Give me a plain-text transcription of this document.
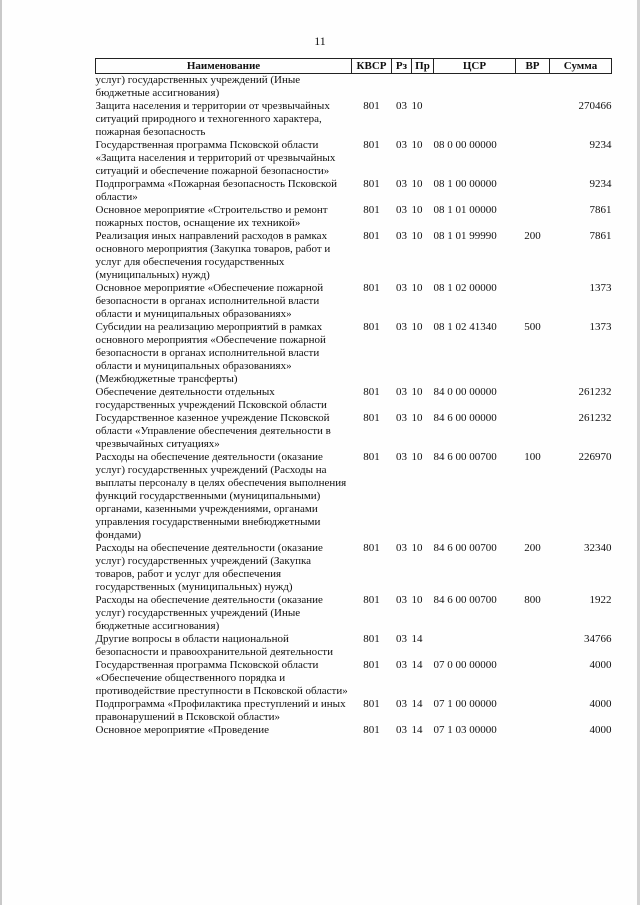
11
Наименование	КВСР	Рз	Пр	ЦСР	ВР	Сумма
услуг) государственных учреждений (Иные бюджетные ассигнования)						
Защита населения и территории от чрезвычайных ситуаций природного и техногенного характера, пожарная безопасность	801	03	10			270466
Государственная программа Псковской области «Защита населения и территорий от чрезвычайных ситуаций и обеспечение пожарной безопасности»	801	03	10	08 0 00 00000		9234
Подпрограмма «Пожарная безопасность Псковской области»	801	03	10	08 1 00 00000		9234
Основное мероприятие «Строительство и ремонт пожарных постов, оснащение их техникой»	801	03	10	08 1 01 00000		7861
Реализация иных направлений расходов в рамках основного мероприятия (Закупка товаров, работ и услуг для обеспечения государственных (муниципальных) нужд)	801	03	10	08 1 01 99990	200	7861
Основное мероприятие «Обеспечение пожарной безопасности в органах исполнительной власти области и муниципальных образованиях»	801	03	10	08 1 02 00000		1373
Субсидии на реализацию мероприятий в рамках основного мероприятия «Обеспечение пожарной безопасности в органах исполнительной власти области и муниципальных образованиях» (Межбюджетные трансферты)	801	03	10	08 1 02 41340	500	1373
Обеспечение деятельности отдельных государственных учреждений Псковской области	801	03	10	84 0 00 00000		261232
Государственное казенное учреждение Псковской области «Управление обеспечения деятельности в чрезвычайных ситуациях»	801	03	10	84 6 00 00000		261232
Расходы на обеспечение деятельности (оказание услуг) государственных учреждений (Расходы на выплаты персоналу в целях обеспечения выполнения функций государственными (муниципальными) органами, казенными учреждениями, органами управления государственными внебюджетными фондами)	801	03	10	84 6 00 00700	100	226970
Расходы на обеспечение деятельности (оказание услуг) государственных учреждений (Закупка товаров, работ и услуг для обеспечения государственных (муниципальных) нужд)	801	03	10	84 6 00 00700	200	32340
Расходы на обеспечение деятельности (оказание услуг) государственных учреждений (Иные бюджетные ассигнования)	801	03	10	84 6 00 00700	800	1922
Другие вопросы в области национальной безопасности и правоохранительной деятельности	801	03	14			34766
Государственная программа Псковской области «Обеспечение общественного порядка и противодействие преступности в Псковской области»	801	03	14	07 0 00 00000		4000
Подпрограмма «Профилактика преступлений и иных правонарушений в Псковской области»	801	03	14	07 1 00 00000		4000
Основное мероприятие «Проведение	801	03	14	07 1 03 00000		4000
